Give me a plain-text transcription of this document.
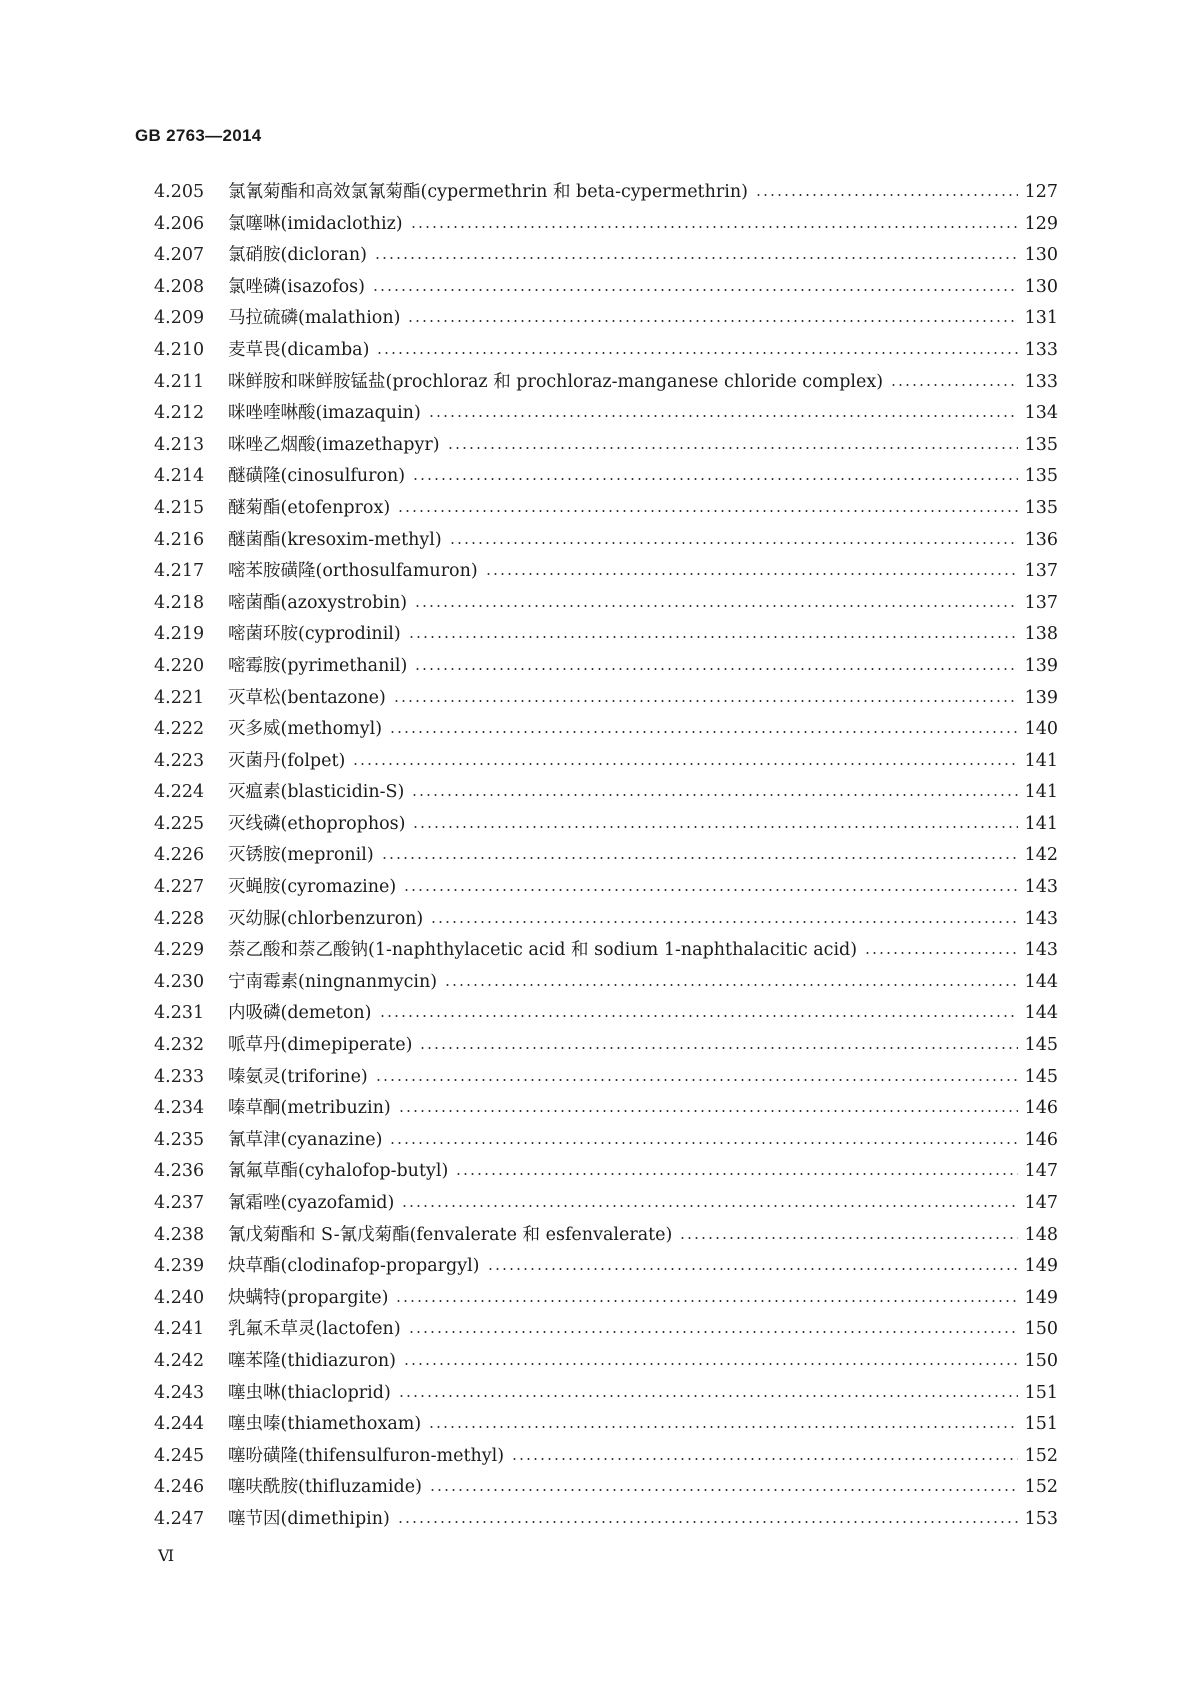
GB 2763—2014
4.205	氯氰菊酯和高效氯氰菊酯(cypermethrin 和 beta-cypermethrin)	127
4.206	氯噻啉(imidaclothiz)	129
4.207	氯硝胺(dicloran)	130
4.208	氯唑磷(isazofos)	130
4.209	马拉硫磷(malathion)	131
4.210	麦草畏(dicamba)	133
4.211	咪鲜胺和咪鲜胺锰盐(prochloraz 和 prochloraz-manganese chloride complex)	133
4.212	咪唑喹啉酸(imazaquin)	134
4.213	咪唑乙烟酸(imazethapyr)	135
4.214	醚磺隆(cinosulfuron)	135
4.215	醚菊酯(etofenprox)	135
4.216	醚菌酯(kresoxim-methyl)	136
4.217	嘧苯胺磺隆(orthosulfamuron)	137
4.218	嘧菌酯(azoxystrobin)	137
4.219	嘧菌环胺(cyprodinil)	138
4.220	嘧霉胺(pyrimethanil)	139
4.221	灭草松(bentazone)	139
4.222	灭多威(methomyl)	140
4.223	灭菌丹(folpet)	141
4.224	灭瘟素(blasticidin-S)	141
4.225	灭线磷(ethoprophos)	141
4.226	灭锈胺(mepronil)	142
4.227	灭蝇胺(cyromazine)	143
4.228	灭幼脲(chlorbenzuron)	143
4.229	萘乙酸和萘乙酸钠(1-naphthylacetic acid 和 sodium 1-naphthalacitic acid)	143
4.230	宁南霉素(ningnanmycin)	144
4.231	内吸磷(demeton)	144
4.232	哌草丹(dimepiperate)	145
4.233	嗪氨灵(triforine)	145
4.234	嗪草酮(metribuzin)	146
4.235	氰草津(cyanazine)	146
4.236	氰氟草酯(cyhalofop-butyl)	147
4.237	氰霜唑(cyazofamid)	147
4.238	氰戊菊酯和 S-氰戊菊酯(fenvalerate 和 esfenvalerate)	148
4.239	炔草酯(clodinafop-propargyl)	149
4.240	炔螨特(propargite)	149
4.241	乳氟禾草灵(lactofen)	150
4.242	噻苯隆(thidiazuron)	150
4.243	噻虫啉(thiacloprid)	151
4.244	噻虫嗪(thiamethoxam)	151
4.245	噻吩磺隆(thifensulfuron-methyl)	152
4.246	噻呋酰胺(thifluzamide)	152
4.247	噻节因(dimethipin)	153
Ⅵ
